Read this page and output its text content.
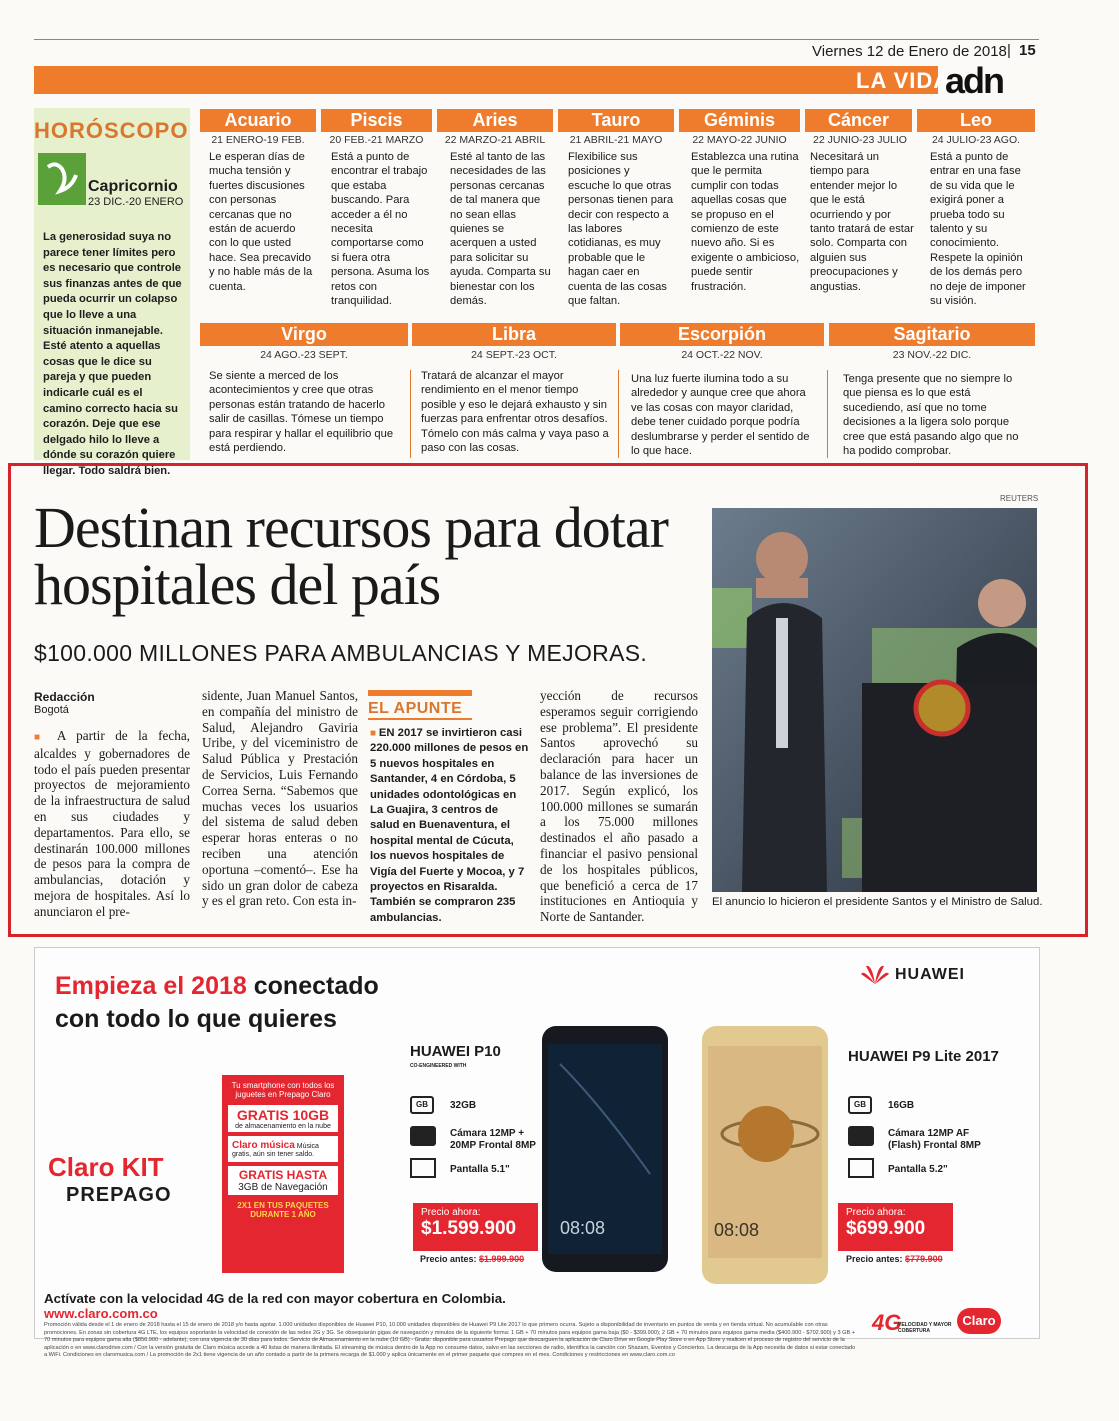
Viernes 12 de Enero de 2018 | 15
LA VIDA
adn
HORÓSCOPO
Capricornio
23 DIC.-20 ENERO
La generosidad suya no parece tener límites pero es necesario que controle sus finanzas antes de que pueda ocurrir un colapso que lo lleve a una situación inmanejable. Esté atento a aquellas cosas que le dice su pareja y que pueden indicarle cuál es el camino correcto hacia su corazón. Deje que ese delgado hilo lo lleve a dónde su corazón quiere llegar. Todo saldrá bien.
Acuario
21 ENERO-19 FEB.
Le esperan días de mucha tensión y fuertes discusiones con personas cercanas que no están de acuerdo con lo que usted hace. Sea precavido y no hable más de la cuenta.
Piscis
20 FEB.-21 MARZO
Está a punto de encontrar el trabajo que estaba buscando. Para acceder a él no necesita comportarse como si fuera otra persona. Asuma los retos con tranquilidad.
Aries
22 MARZO-21 ABRIL
Esté al tanto de las necesidades de las personas cercanas de tal manera que no sean ellas quienes se acerquen a usted para solicitar su ayuda. Comparta su bienestar con los demás.
Tauro
21 ABRIL-21 MAYO
Flexibilice sus posiciones y escuche lo que otras personas tienen para decir con respecto a las labores cotidianas, es muy probable que le hagan caer en cuenta de las cosas que faltan.
Géminis
22 MAYO-22 JUNIO
Establezca una rutina que le permita cumplir con todas aquellas cosas que se propuso en el comienzo de este nuevo año. Si es exigente o ambicioso, puede sentir frustración.
Cáncer
22 JUNIO-23 JULIO
Necesitará un tiempo para entender mejor lo que le está ocurriendo y por tanto tratará de estar solo. Comparta con alguien sus preocupaciones y angustias.
Leo
24 JULIO-23 AGO.
Está a punto de entrar en una fase de su vida que le exigirá poner a prueba todo su talento y su conocimiento. Respete la opinión de los demás pero no deje de imponer su visión.
Virgo
24 AGO.-23 SEPT.
Se siente a merced de los acontecimientos y cree que otras personas están tratando de hacerlo salir de casillas. Tómese un tiempo para respirar y hallar el equilibrio que está perdiendo.
Libra
24 SEPT.-23 OCT.
Tratará de alcanzar el mayor rendimiento en el menor tiempo posible y eso le dejará exhausto y sin fuerzas para enfrentar otros desafíos. Tómelo con más calma y vaya paso a paso con las cosas.
Escorpión
24 OCT.-22 NOV.
Una luz fuerte ilumina todo a su alrededor y aunque cree que ahora ve las cosas con mayor claridad, debe tener cuidado porque podría deslumbrarse y perder el sentido de lo que hace.
Sagitario
23 NOV.-22 DIC.
Tenga presente que no siempre lo que piensa es lo que está sucediendo, así que no tome decisiones a la ligera solo porque cree que está pasando algo que no ha podido comprobar.
Destinan recursos para dotar hospitales del país
$100.000 MILLONES PARA AMBULANCIAS Y MEJORAS.
Redacción
Bogotá
■ A partir de la fecha, alcaldes y gobernadores de todo el país pueden presentar proyectos de mejoramiento de la infraestructura de salud en sus ciudades y departamentos. Para ello, se destinarán 100.000 millones de pesos para la compra de ambulancias, dotación y mejora de hospitales. Así lo anunciaron el pre-
sidente, Juan Manuel Santos, en compañía del ministro de Salud, Alejandro Gaviria Uribe, y del viceministro de Salud Pública y Prestación de Servicios, Luis Fernando Correa Serna. “Sabemos que muchas veces los usuarios del sistema de salud deben esperar horas enteras o no reciben una atención oportuna –comentó–. Ese ha sido un gran dolor de cabeza y es el gran reto. Con esta in-
EL APUNTE
■ EN 2017 se invirtieron casi 220.000 millones de pesos en 5 nuevos hospitales en Santander, 4 en Córdoba, 5 unidades odontológicas en La Guajira, 3 centros de salud en Buenaventura, el hospital mental de Cúcuta, los nuevos hospitales de Vigía del Fuerte y Mocoa, y 7 proyectos en Risaralda. También se compraron 235 ambulancias.
yección de recursos esperamos seguir corrigiendo ese problema”. El presidente Santos aprovechó su declaración para hacer un balance de las inversiones de 2017. Según explicó, los 100.000 millones se sumarán a los 75.000 millones destinados el año pasado a financiar el pasivo pensional de los hospitales públicos, que benefició a cerca de 17 instituciones en Antioquia y Norte de Santander.
REUTERS
El anuncio lo hicieron el presidente Santos y el Ministro de Salud.
Empieza el 2018 conectado
con todo lo que quieres
HUAWEI
HUAWEI P10
CO-ENGINEERED WITH
32GB
Cámara 12MP + 20MP Frontal 8MP
Pantalla 5.1"
GB
08:08
Precio ahora:
$1.599.900
Precio antes: $1.999.900
HUAWEI P9 Lite 2017
16GB
Cámara 12MP AF (Flash) Frontal 8MP
Pantalla 5.2"
GB
08:08
Precio ahora:
$699.900
Precio antes: $779.900
Tu smartphone con todos los juguetes en Prepago Claro
GRATIS 10GB
de almacenamiento en la nube
Claro música Música gratis, aún sin tener saldo.
GRATIS HASTA
3GB de Navegación
2X1 EN TUS PAQUETES DURANTE 1 AÑO
Claro KIT
PREPAGO
Actívate con la velocidad 4G de la red con mayor cobertura en Colombia.
www.claro.com.co
Promoción válida desde el 1 de enero de 2018 hasta el 15 de enero de 2018 y/o hasta agotar. 1.000 unidades disponibles de Huawei P10, 10.000 unidades disponibles de Huawei P9 Lite 2017 lo que primero ocurra. Sujeto a disponibilidad de inventario en puntos de venta y en tienda virtual. No acumulable con otras promociones. En zonas sin cobertura 4G LTE, los equipos soportarán la velocidad de conexión de las redes 2G y 3G. Se obsequiarán gigas de navegación y minutos de la siguiente forma: 1 GB + 70 minutos para equipos gama baja ($0 - $399.900); 2 GB + 70 minutos para equipos gama media ($400.900 - $702.900) y 3 GB + 70 minutos para equipos gama alta ($856.900 - adelante), con una vigencia de 30 días para todos. Servicio de Almacenamiento en la nube (10 GB) - Gratis: disponible para usuarios Prepago que descarguen la aplicación de Claro Drive en Google Play Store o en App Store y realicen el proceso de registro del servicio de la aplicación o en www.clarodrive.com / Con la versión gratuita de Claro música accede a 40 listas de manera ilimitada. El streaming de música dentro de la App no consume datos, salvo en las secciones de radio, identifica la canción con Shazam, Eventos y Conciertos. La descarga de la App necesita de datos si estar conectado a WiFi. Condiciones en claromusica.com / La promoción de 2x1 tiene vigencia de un año contado a partir de la primera recarga de $1.000 y aplica únicamente en el primer paquete que compres en el mes. Condiciones y restricciones en www.claro.com.co
4G
VELOCIDAD Y MAYOR COBERTURA
Claro
